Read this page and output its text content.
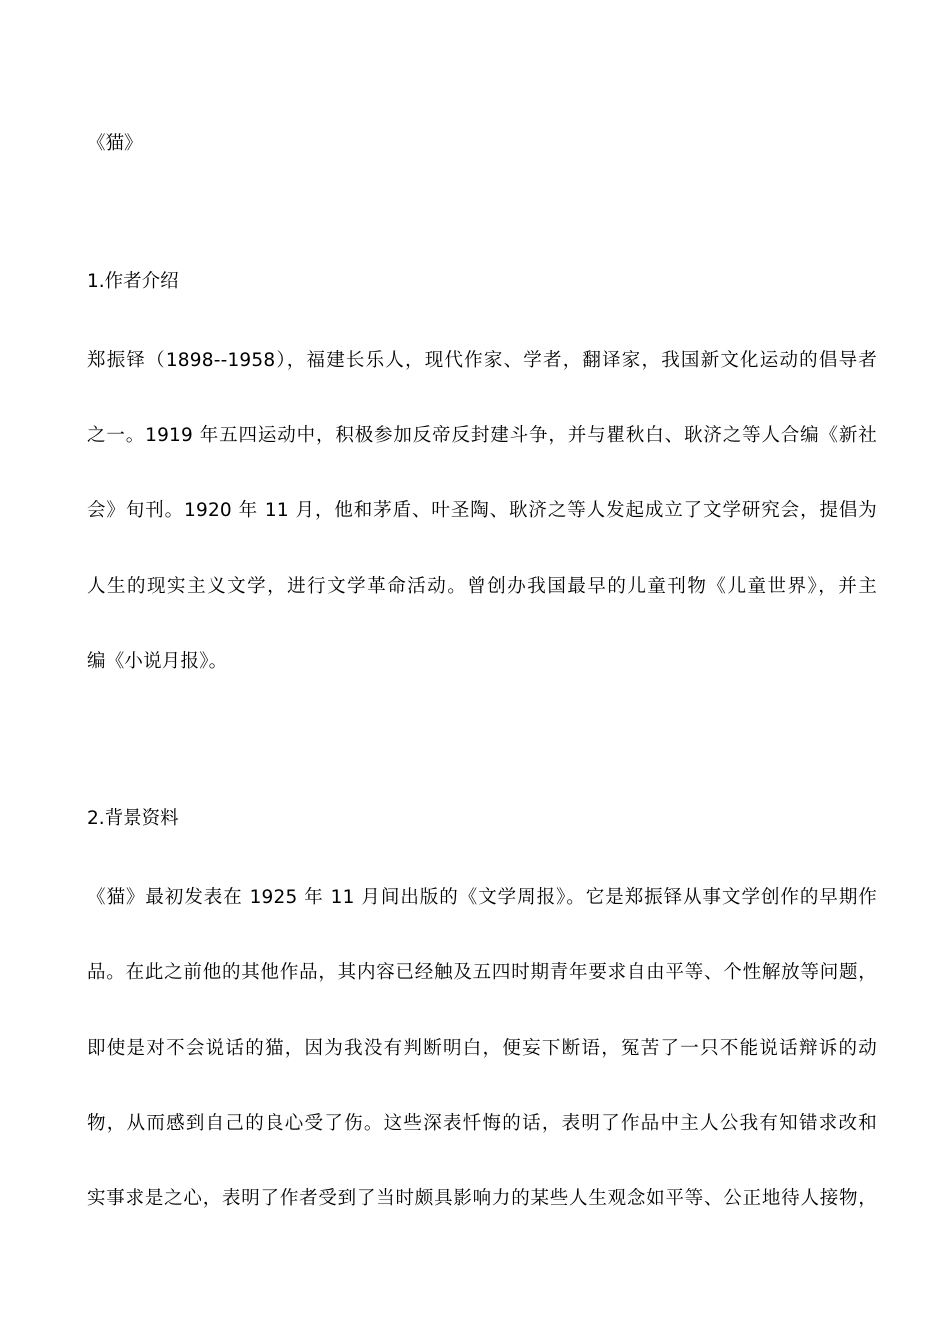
《猫》
1.作者介绍
郑振铎（1898--1958），福建长乐人，现代作家、学者，翻译家，我国新文化运动的倡导者
之一。1919 年五四运动中，积极参加反帝反封建斗争，并与瞿秋白、耿济之等人合编《新社
会》旬刊。1920 年 11 月，他和茅盾、叶圣陶、耿济之等人发起成立了文学研究会，提倡为
人生的现实主义文学，进行文学革命活动。曾创办我国最早的儿童刊物《儿童世界》，并主
编《小说月报》。
2.背景资料
《猫》最初发表在 1925 年 11 月间出版的《文学周报》。它是郑振铎从事文学创作的早期作
品。在此之前他的其他作品，其内容已经触及五四时期青年要求自由平等、个性解放等问题，
即使是对不会说话的猫，因为我没有判断明白，便妄下断语，冤苦了一只不能说话辩诉的动
物，从而感到自己的良心受了伤。这些深表忏悔的话，表明了作品中主人公我有知错求改和
实事求是之心，表明了作者受到了当时颇具影响力的某些人生观念如平等、公正地待人接物，
